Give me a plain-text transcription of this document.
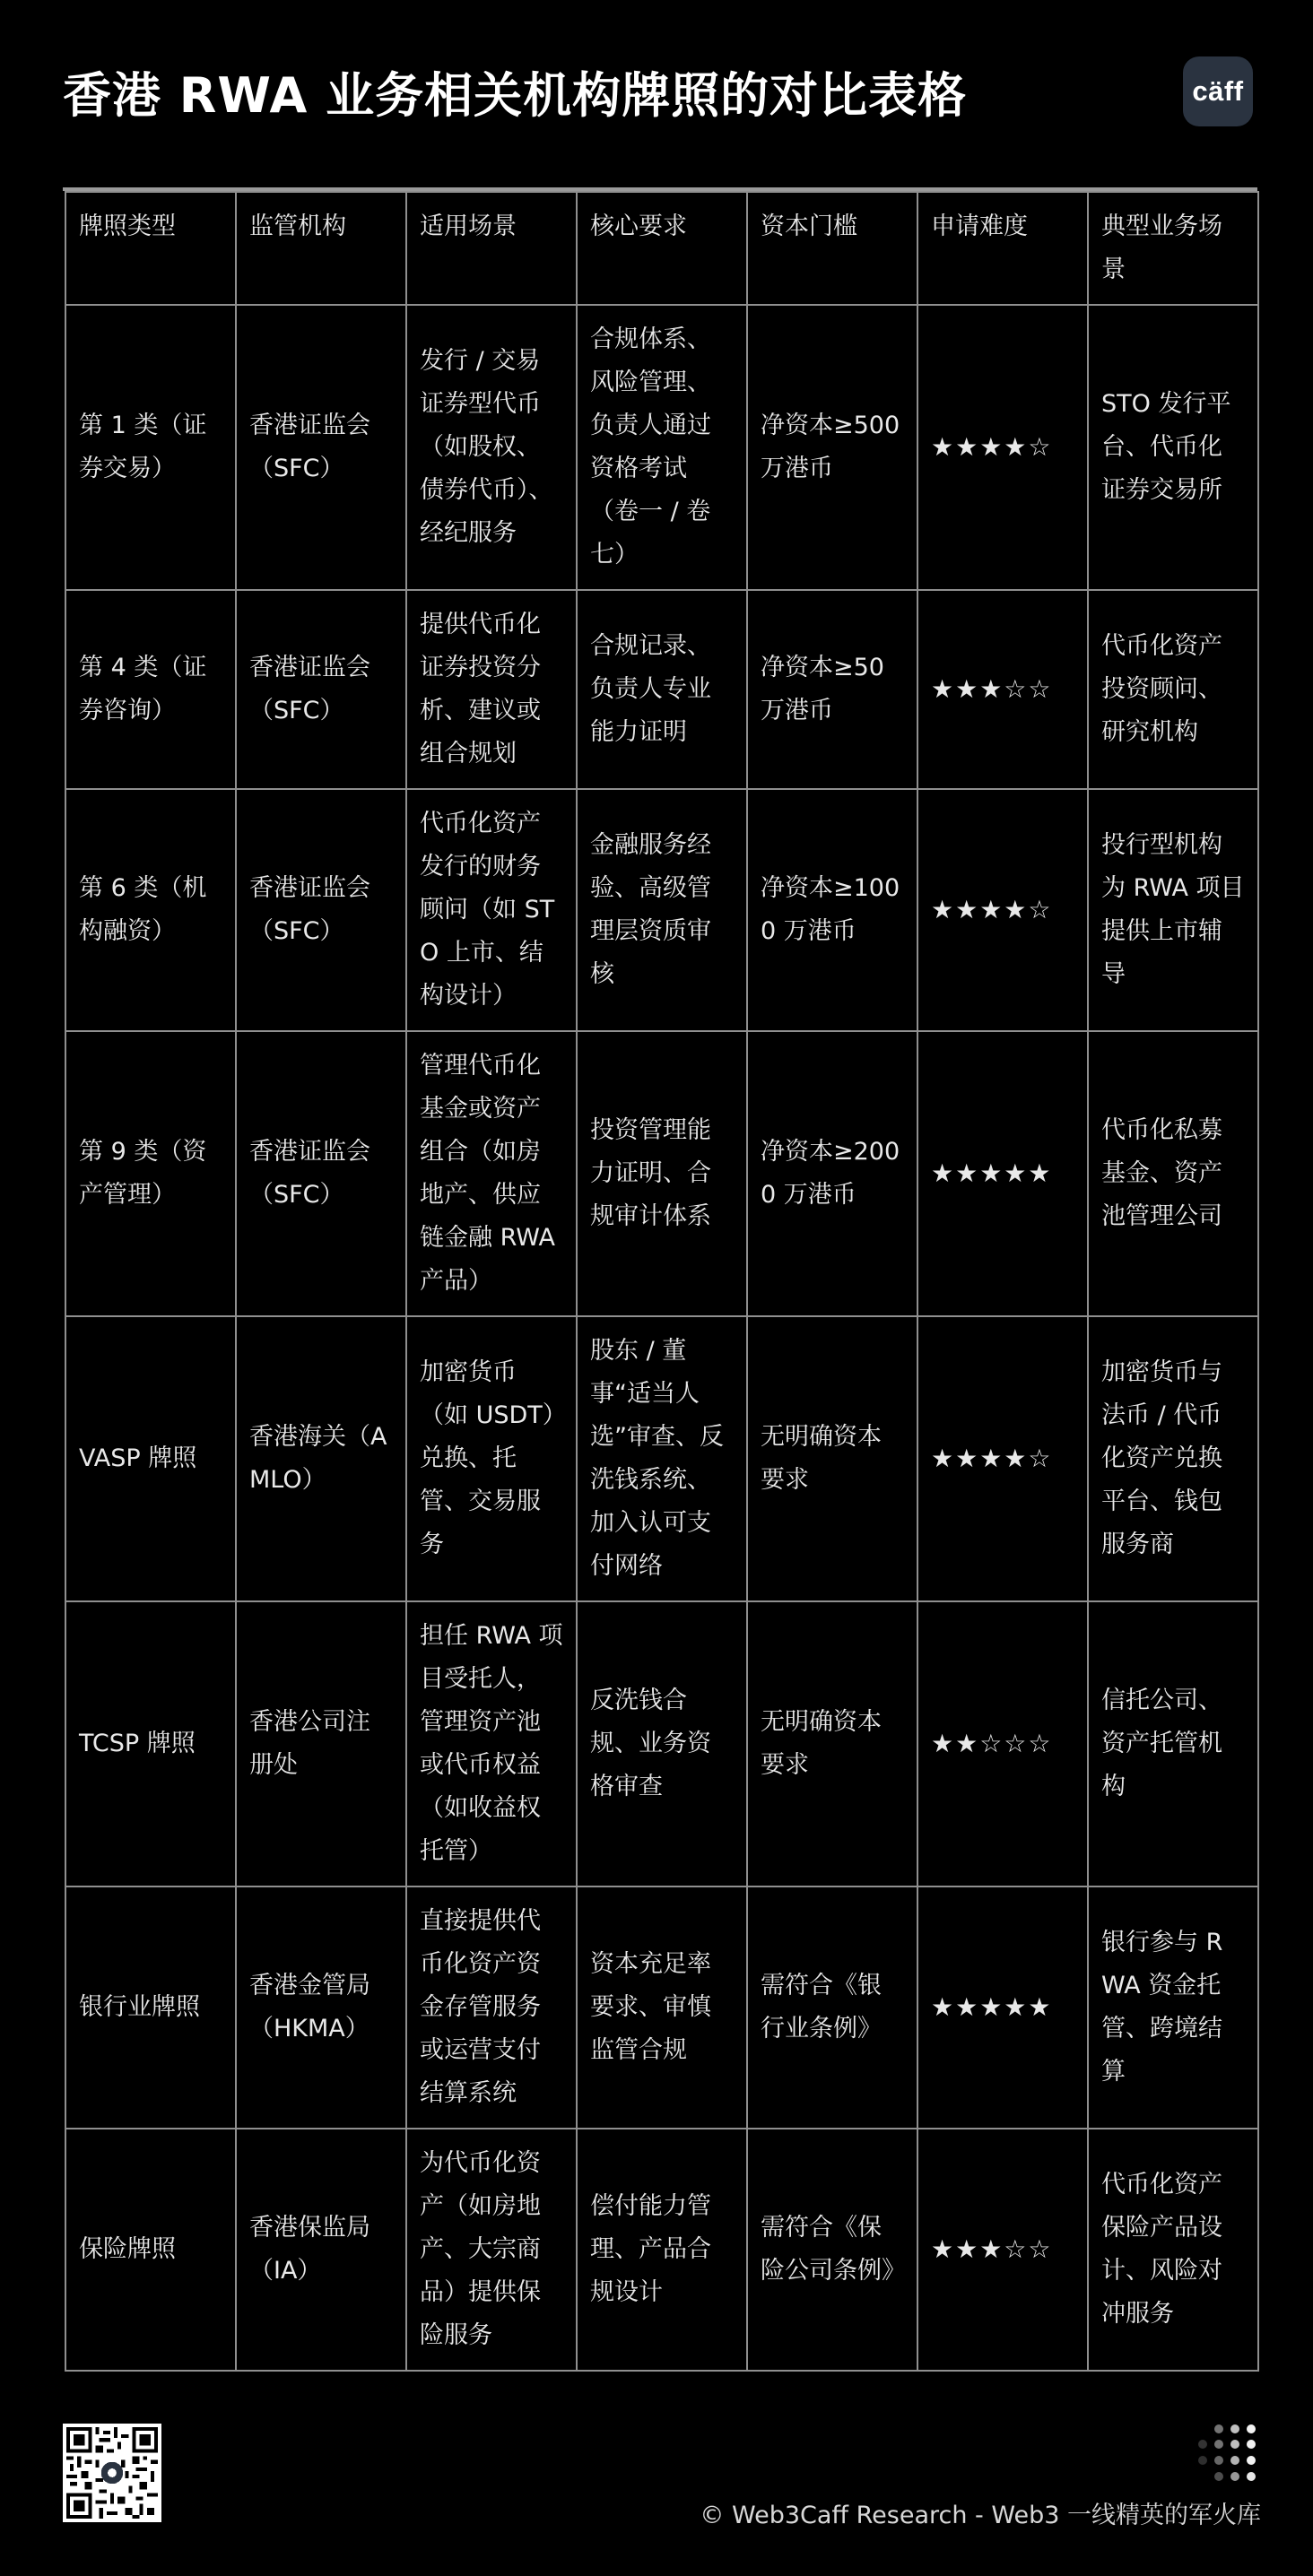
香港 RWA 业务相关机构牌照的对比表格	cäff
牌照类型	监管机构	适用场景	核心要求	资本门槛	申请难度	典型业务场景
第 1 类（证券交易）	香港证监会（SFC）	发行 / 交易证券型代币（如股权、债券代币）、经纪服务	合规体系、风险管理、负责人通过资格考试（卷一 / 卷七）	净资本≥500 万港币	★★★★☆	STO 发行平台、代币化证券交易所
第 4 类（证券咨询）	香港证监会（SFC）	提供代币化证券投资分析、建议或组合规划	合规记录、负责人专业能力证明	净资本≥50 万港币	★★★☆☆	代币化资产投资顾问、研究机构
第 6 类（机构融资）	香港证监会（SFC）	代币化资产发行的财务顾问（如 STO 上市、结构设计）	金融服务经验、高级管理层资质审核	净资本≥1000 万港币	★★★★☆	投行型机构为 RWA 项目提供上市辅导
第 9 类（资产管理）	香港证监会（SFC）	管理代币化基金或资产组合（如房地产、供应链金融 RWA 产品）	投资管理能力证明、合规审计体系	净资本≥2000 万港币	★★★★★	代币化私募基金、资产池管理公司
VASP 牌照	香港海关（AMLO）	加密货币（如 USDT）兑换、托管、交易服务	股东 / 董事“适当人选”审查、反洗钱系统、加入认可支付网络	无明确资本要求	★★★★☆	加密货币与法币 / 代币化资产兑换平台、钱包服务商
TCSP 牌照	香港公司注册处	担任 RWA 项目受托人，管理资产池或代币权益（如收益权托管）	反洗钱合规、业务资格审查	无明确资本要求	★★☆☆☆	信托公司、资产托管机构
银行业牌照	香港金管局（HKMA）	直接提供代币化资产资金存管服务或运营支付结算系统	资本充足率要求、审慎监管合规	需符合《银行业条例》	★★★★★	银行参与 RWA 资金托管、跨境结算
保险牌照	香港保监局（IA）	为代币化资产（如房地产、大宗商品）提供保险服务	偿付能力管理、产品合规设计	需符合《保险公司条例》	★★★☆☆	代币化资产保险产品设计、风险对冲服务
© Web3Caff Research - Web3 一线精英的军火库
